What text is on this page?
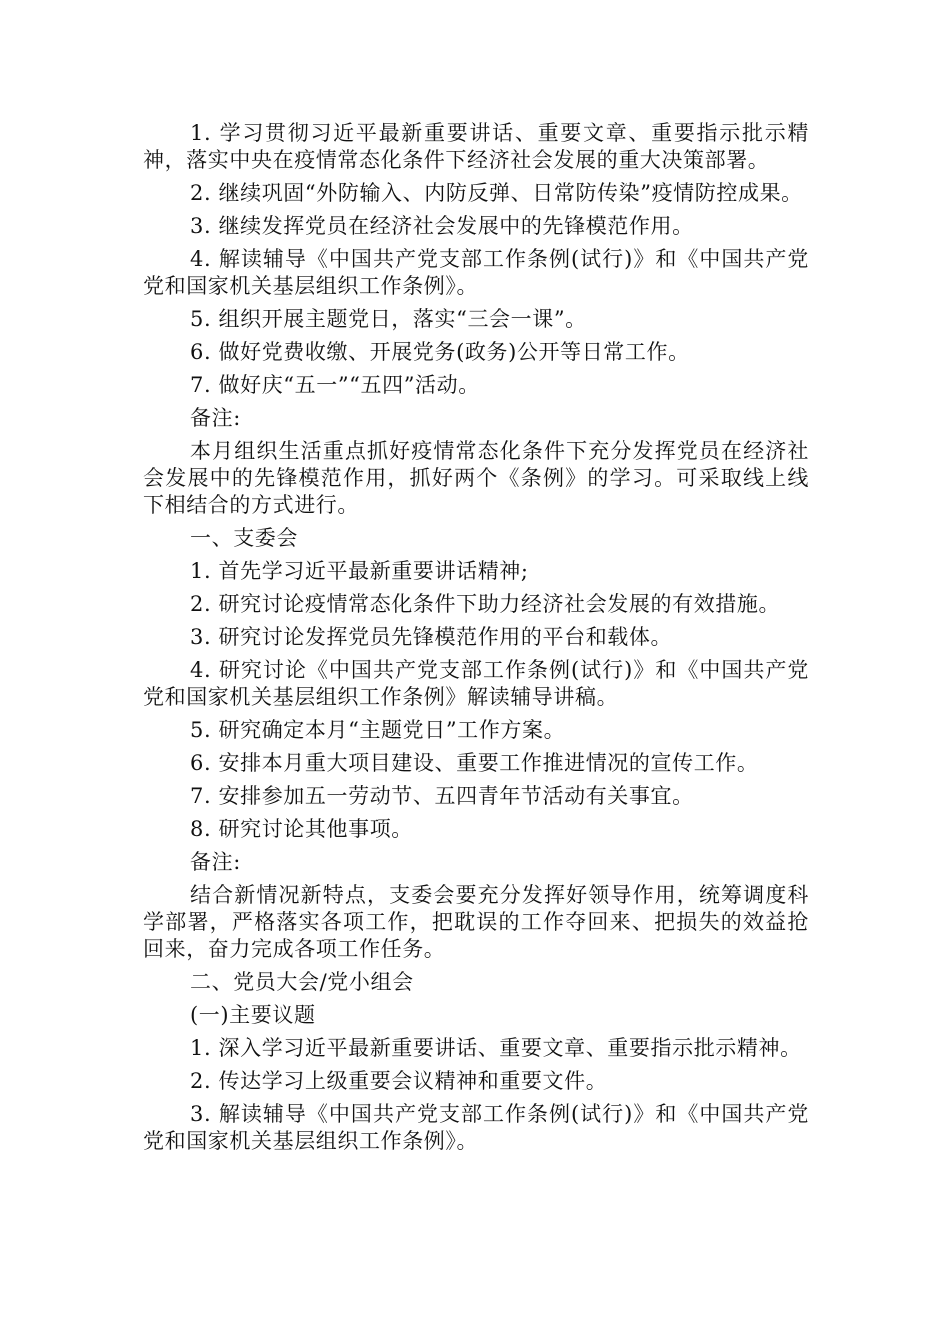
1. 学习贯彻习近平最新重要讲话、重要文章、重要指示批示精神，落实中央在疫情常态化条件下经济社会发展的重大决策部署。

2. 继续巩固“外防输入、内防反弹、日常防传染”疫情防控成果。

3. 继续发挥党员在经济社会发展中的先锋模范作用。

4. 解读辅导《中国共产党支部工作条例(试行)》和《中国共产党党和国家机关基层组织工作条例》。

5. 组织开展主题党日，落实“三会一课”。

6. 做好党费收缴、开展党务(政务)公开等日常工作。

7. 做好庆“五一”“五四”活动。

备注:

本月组织生活重点抓好疫情常态化条件下充分发挥党员在经济社会发展中的先锋模范作用，抓好两个《条例》的学习。可采取线上线下相结合的方式进行。

一、支委会

1. 首先学习近平最新重要讲话精神;

2. 研究讨论疫情常态化条件下助力经济社会发展的有效措施。

3. 研究讨论发挥党员先锋模范作用的平台和载体。

4. 研究讨论《中国共产党支部工作条例(试行)》和《中国共产党党和国家机关基层组织工作条例》解读辅导讲稿。

5. 研究确定本月“主题党日”工作方案。

6. 安排本月重大项目建设、重要工作推进情况的宣传工作。

7. 安排参加五一劳动节、五四青年节活动有关事宜。

8. 研究讨论其他事项。

备注:

结合新情况新特点，支委会要充分发挥好领导作用，统筹调度科学部署，严格落实各项工作，把耽误的工作夺回来、把损失的效益抢回来，奋力完成各项工作任务。

二、党员大会/党小组会

(一)主要议题

1. 深入学习近平最新重要讲话、重要文章、重要指示批示精神。

2. 传达学习上级重要会议精神和重要文件。

3. 解读辅导《中国共产党支部工作条例(试行)》和《中国共产党党和国家机关基层组织工作条例》。
